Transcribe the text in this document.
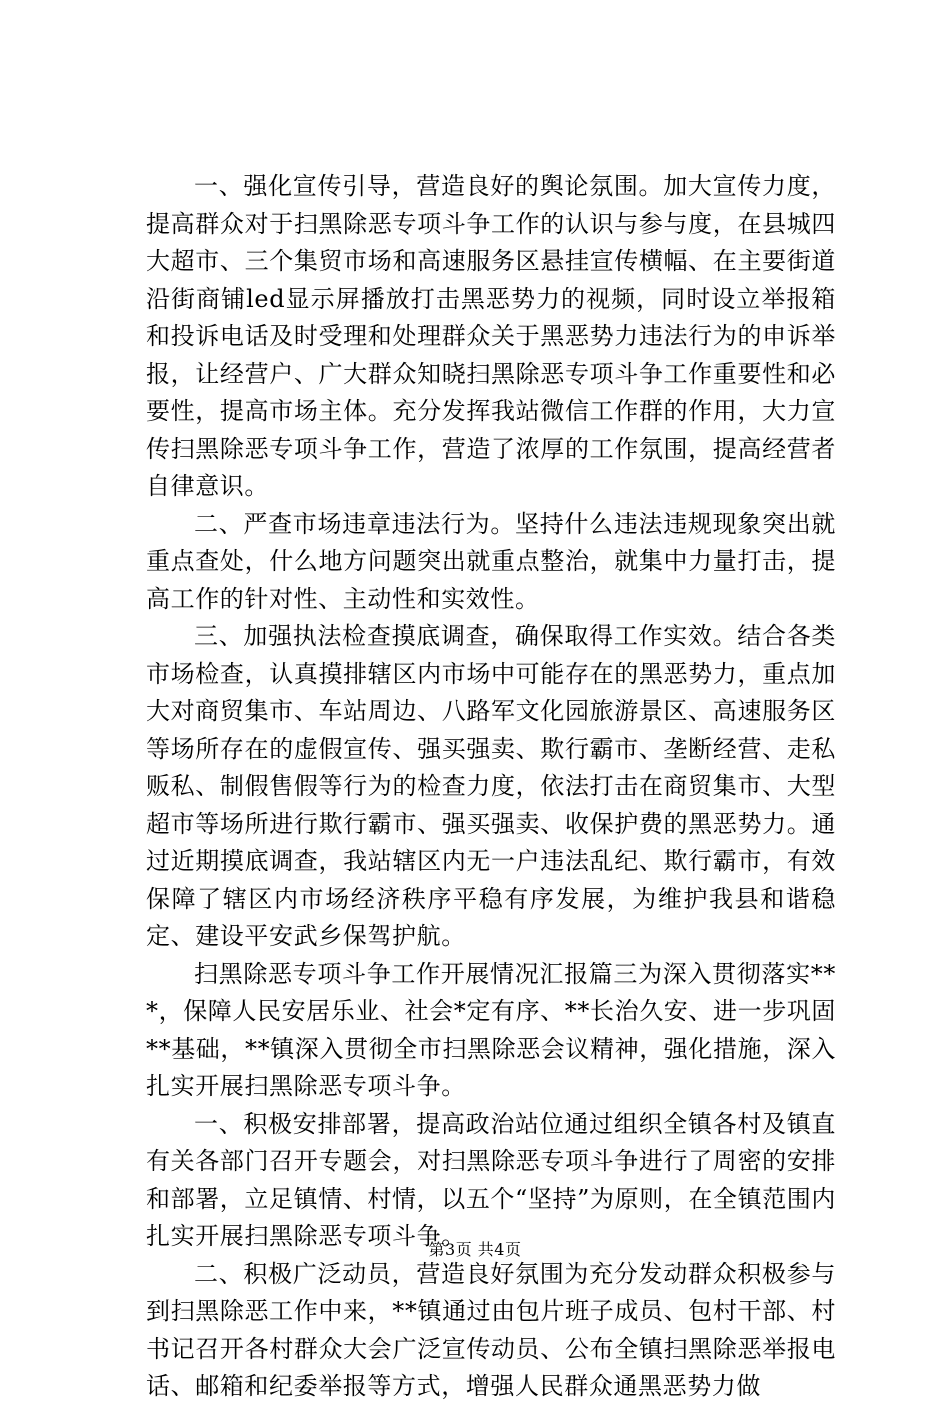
一、强化宣传引导，营造良好的舆论氛围。加大宣传力度，提高群众对于扫黑除恶专项斗争工作的认识与参与度，在县城四大超市、三个集贸市场和高速服务区悬挂宣传横幅、在主要街道沿街商铺led显示屏播放打击黑恶势力的视频，同时设立举报箱和投诉电话及时受理和处理群众关于黑恶势力违法行为的申诉举报，让经营户、广大群众知晓扫黑除恶专项斗争工作重要性和必要性，提高市场主体。充分发挥我站微信工作群的作用，大力宣传扫黑除恶专项斗争工作，营造了浓厚的工作氛围，提高经营者自律意识。

二、严查市场违章违法行为。坚持什么违法违规现象突出就重点查处，什么地方问题突出就重点整治，就集中力量打击，提高工作的针对性、主动性和实效性。

三、加强执法检查摸底调查，确保取得工作实效。结合各类市场检查，认真摸排辖区内市场中可能存在的黑恶势力，重点加大对商贸集市、车站周边、八路军文化园旅游景区、高速服务区等场所存在的虚假宣传、强买强卖、欺行霸市、垄断经营、走私贩私、制假售假等行为的检查力度，依法打击在商贸集市、大型超市等场所进行欺行霸市、强买强卖、收保护费的黑恶势力。通过近期摸底调查，我站辖区内无一户违法乱纪、欺行霸市，有效保障了辖区内市场经济秩序平稳有序发展，为维护我县和谐稳定、建设平安武乡保驾护航。

扫黑除恶专项斗争工作开展情况汇报篇三为深入贯彻落实***，保障人民安居乐业、社会*定有序、**长治久安、进一步巩固**基础，**镇深入贯彻全市扫黑除恶会议精神，强化措施，深入扎实开展扫黑除恶专项斗争。

一、积极安排部署，提高政治站位通过组织全镇各村及镇直有关各部门召开专题会，对扫黑除恶专项斗争进行了周密的安排和部署，立足镇情、村情，以五个“坚持”为原则，在全镇范围内扎实开展扫黑除恶专项斗争。

二、积极广泛动员，营造良好氛围为充分发动群众积极参与到扫黑除恶工作中来，**镇通过由包片班子成员、包村干部、村书记召开各村群众大会广泛宣传动员、公布全镇扫黑除恶举报电话、邮箱和纪委举报等方式，增强人民群众通黑恶势力做

第3页 共4页
